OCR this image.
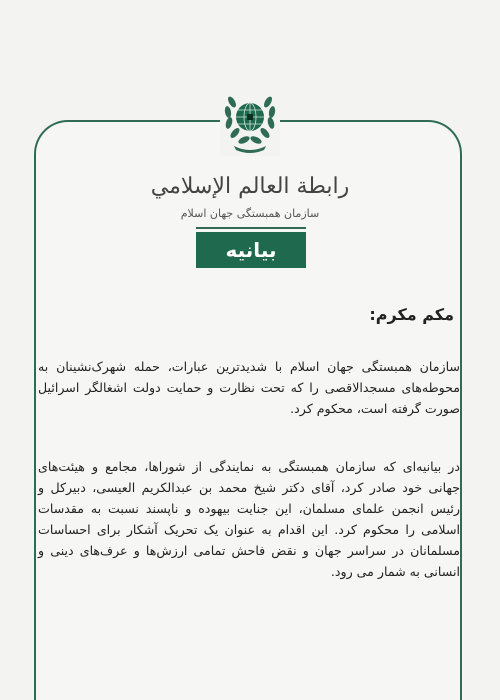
رابطة العالم الإسلامي
سازمان همبستگی جهان اسلام
بیانیه
مکم مکرم:
سازمان همبستگی جهان اسلام با شدیدترین عبارات، حمله شهرک‌نشینان به محوطه‌های مسجدالاقصی را که تحت نظارت و حمایت دولت اشغالگر اسرائیل صورت گرفته است، محکوم کرد.
در بیانیه‌ای که سازمان همبستگی به نمایندگی از شوراها، مجامع و هیئت‌های جهانی خود صادر کرد، آقای دکتر شیخ محمد بن عبدالکریم العیسی، دبیرکل و رئیس انجمن علمای مسلمان، این جنایت بیهوده و ناپسند نسبت به مقدسات اسلامی را محکوم کرد. این اقدام به عنوان یک تحریک آشکار برای احساسات مسلمانان در سراسر جهان و نقض فاحش تمامی ارزش‌ها و عرف‌های دینی و انسانی به شمار می رود.
